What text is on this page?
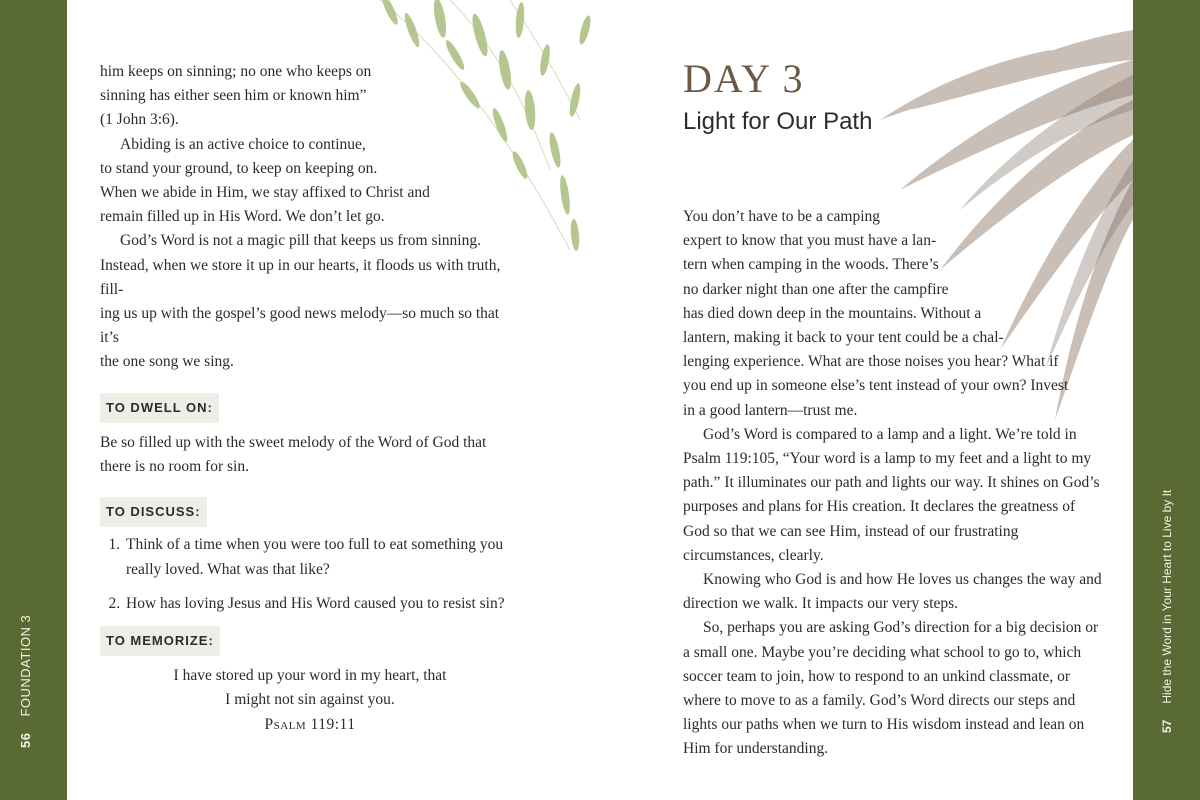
56FOUNDATION 3
57Hide the Word in Your Heart to Live by It

him keeps on sinning; no one who keeps on

sinning has either seen him or known him”

(1 John 3:6).

Abiding is an active choice to continue,

to stand your ground, to keep on keeping on.

When we abide in Him, we stay affixed to Christ and

remain filled up in His Word. We don’t let go.

God’s Word is not a magic pill that keeps us from sinning.

Instead, when we store it up in our hearts, it floods us with truth, fill-

ing us up with the gospel’s good news melody—so much so that it’s

the one song we sing.

TO DWELL ON:

Be so filled up with the sweet melody of the Word of God that there is no room for sin.

TO DISCUSS:
1. Think of a time when you were too full to eat something you really loved. What was that like?
2. How has loving Jesus and His Word caused you to resist sin?
TO MEMORIZE:

I have stored up your word in my heart, that

I might not sin against you.

Psalm 119:11

DAY 3
Light for Our Path

You don’t have to be a camping

expert to know that you must have a lan-

tern when camping in the woods. There’s

no darker night than one after the campfire

has died down deep in the mountains. Without a

lantern, making it back to your tent could be a chal-

lenging experience. What are those noises you hear? What if

you end up in someone else’s tent instead of your own? Invest

in a good lantern—trust me.

God’s Word is compared to a lamp and a light. We’re told in Psalm 119:105, “Your word is a lamp to my feet and a light to my path.” It illuminates our path and lights our way. It shines on God’s purposes and plans for His creation. It declares the greatness of God so that we can see Him, instead of our frustrating circumstances, clearly.

Knowing who God is and how He loves us changes the way and direction we walk. It impacts our very steps.

So, perhaps you are asking God’s direction for a big decision or a small one. Maybe you’re deciding what school to go to, which soccer team to join, how to respond to an unkind classmate, or where to move to as a family. God’s Word directs our steps and lights our paths when we turn to His wisdom instead and lean on Him for understanding.
